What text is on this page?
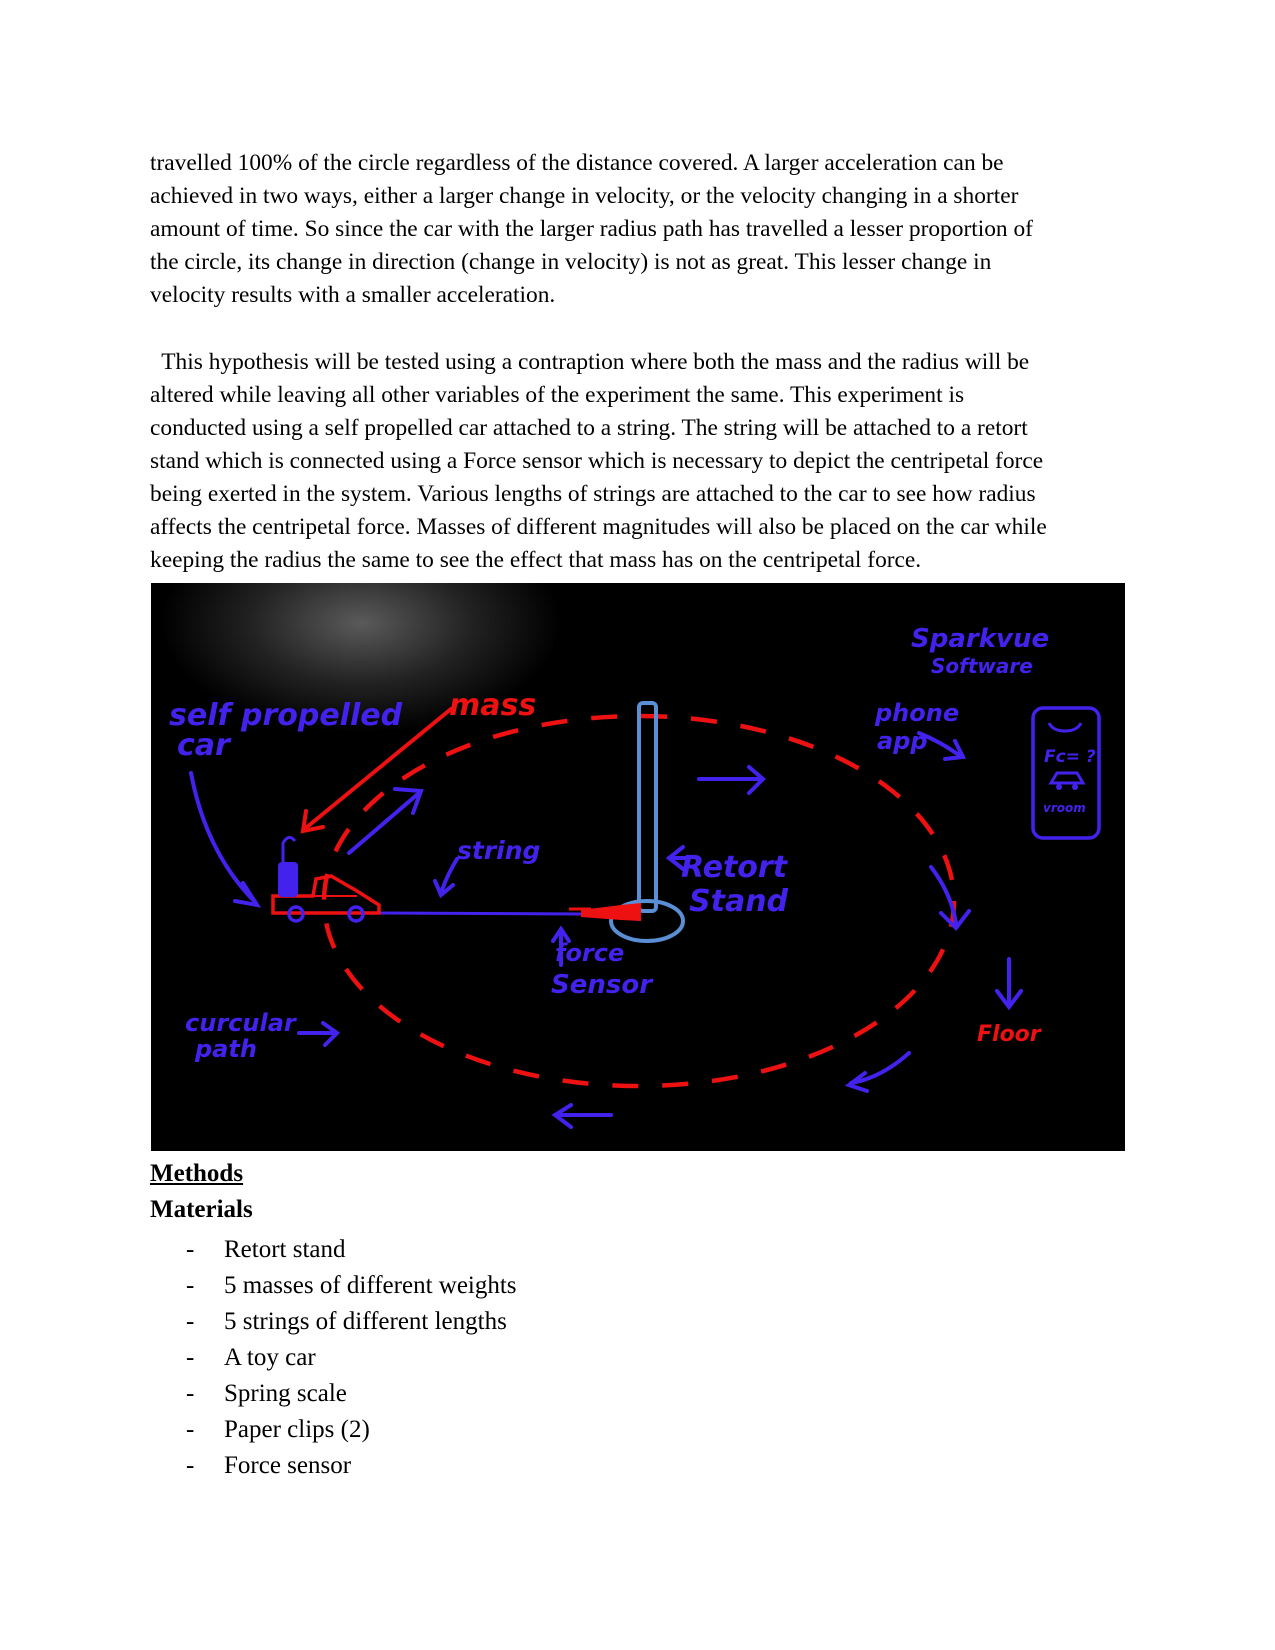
travelled 100% of the circle regardless of the distance covered. A larger acceleration can be
achieved in two ways, either a larger change in velocity, or the velocity changing in a shorter
amount of time. So since the car with the larger radius path has travelled a lesser proportion of
the circle, its change in direction (change in velocity) is not as great. This lesser change in
velocity results with a smaller acceleration.
This hypothesis will be tested using a contraption where both the mass and the radius will be
altered while leaving all other variables of the experiment the same. This experiment is
conducted using a self propelled car attached to a string. The string will be attached to a retort
stand which is connected using a Force sensor which is necessary to depict the centripetal force
being exerted in the system. Various lengths of strings are attached to the car to see how radius
affects the centripetal force. Masses of different magnitudes will also be placed on the car while
keeping the radius the same to see the effect that mass has on the centripetal force.
self propelled
car
mass
string	Retort
Stand
force
Sensor
curcular
path
Sparkvue
Software
phone
app
Fc= ?
vroom
Floor
Methods
Materials
- Retort stand
- 5 masses of different weights
- 5 strings of different lengths
- A toy car
- Spring scale
- Paper clips (2)
- Force sensor
